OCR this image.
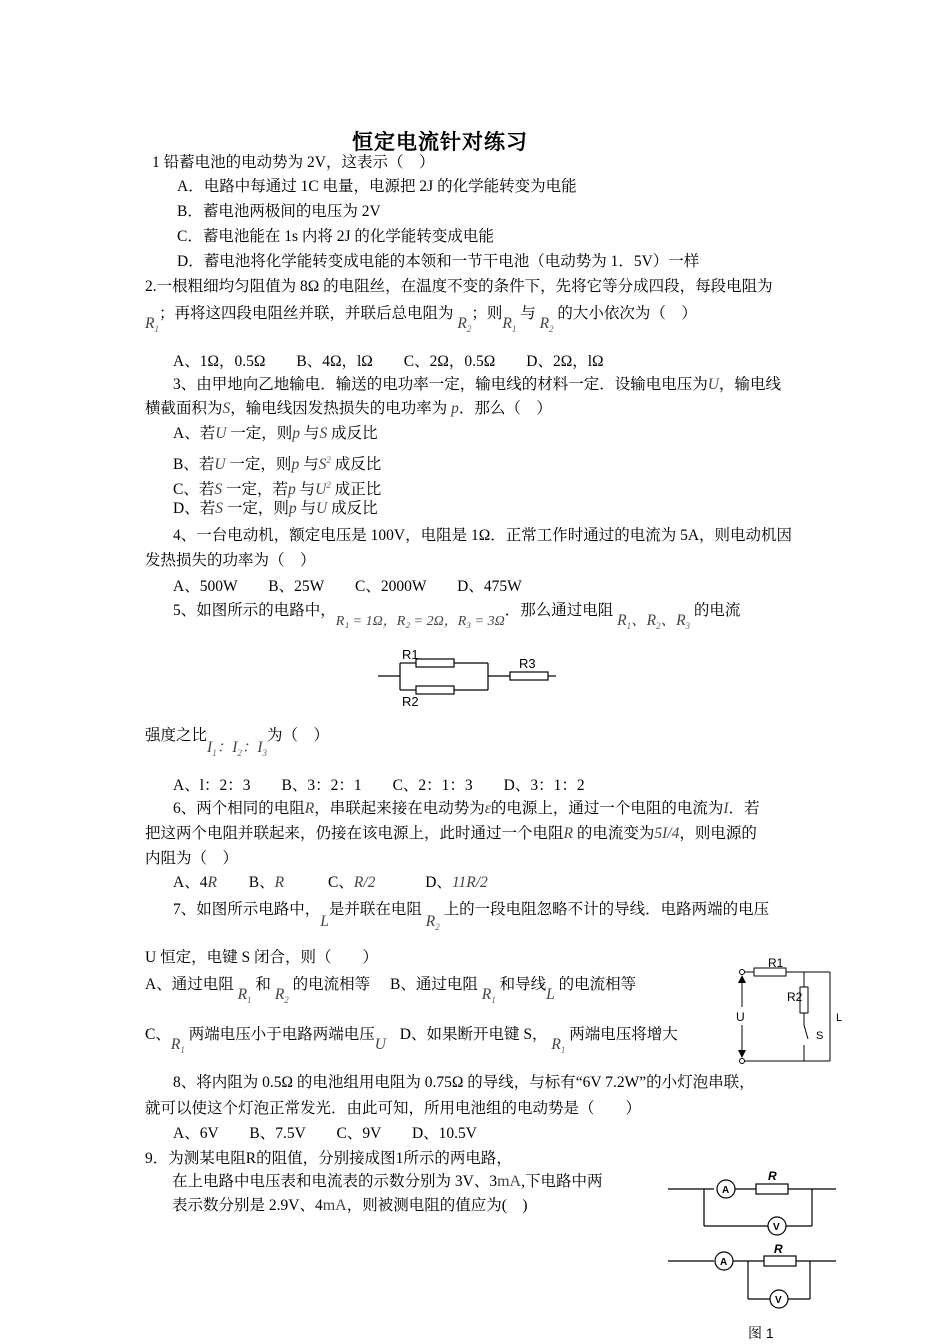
恒定电流针对练习
1 铅蓄电池的电动势为 2V，这表示（　）
A．电路中每通过 1C 电量，电源把 2J 的化学能转变为电能
B．蓄电池两极间的电压为 2V
C．蓄电池能在 1s 内将 2J 的化学能转变成电能
D．蓄电池将化学能转变成电能的本领和一节干电池（电动势为 1．5V）一样
2.一根粗细均匀阻值为 8Ω 的电阻丝，在温度不变的条件下，先将它等分成四段，每段电阻为
$R_1$；再将这四段电阻丝并联，并联后总电阻为 $R_2$；则$R_1$ 与 $R_2$ 的大小依次为（　）
A、1Ω，0.5Ω　　B、4Ω，lΩ　　C、2Ω，0.5Ω　　D、2Ω，lΩ
3、由甲地向乙地输电．输送的电功率一定，输电线的材料一定．设输电电压为U，输电线
横截面积为S，输电线因发热损失的电功率为 p．那么（　）
A、若U 一定，则p 与S 成反比
B、若U 一定，则p 与$S^2$ 成反比
C、若S 一定，若p 与$U^2$ 成正比
D、若S 一定，则p 与U 成反比
4、一台电动机，额定电压是 100V，电阻是 1Ω．正常工作时通过的电流为 5A，则电动机因
发热损失的功率为（　）
A、500W　　B、25W　　C、2000W　　D、475W
5、如图所示的电路中，R₁ = 1Ω，R₂ = 2Ω，R₃ = 3Ω．那么通过电阻 $R_1$、$R_2$、$R_3$ 的电流
R1
R2
R3
强度之比$I_1$：$I_2$：$I_3$为（　）
A、l：2：3　　B、3：2：1　　C、2：1：3　　D、3：1：2
6、两个相同的电阻R，串联起来接在电动势为ε的电源上，通过一个电阻的电流为I．若
把这两个电阻并联起来，仍接在该电源上，此时通过一个电阻R 的电流变为5I/4，则电源的
内阻为（　）
A、4R B、R	C、R/2	D、11R/2
7、如图所示电路中，L是并联在电阻 $R_2$ 上的一段电阻忽略不计的导线．电路两端的电压
U 恒定，电键 S 闭合，则（　　）
A、通过电阻 $R_1$ 和 $R_2$ 的电流相等 B、通过电阻 $R_1$ 和导线L 的电流相等
C、$R_1$ 两端电压小于电路两端电压U D、如果断开电键 S， $R_1$ 两端电压将增大
R1
R2
U	L
S
8、将内阻为 0.5Ω 的电池组用电阻为 0.75Ω 的导线，与标有“6V 7.2W”的小灯泡串联，
就可以使这个灯泡正常发光．由此可知，所用电池组的电动势是（　　）
A、6V　　B、7.5V　　C、9V　　D、10.5V
9．为测某电阻R的阻值，分别接成图1所示的两电路，
在上电路中电压表和电流表的示数分别为 3V、3mA,下电路中两
表示数分别是 2.9V、4mA，则被测电阻的值应为(　)
A
V
R
A
V
R
图 1
